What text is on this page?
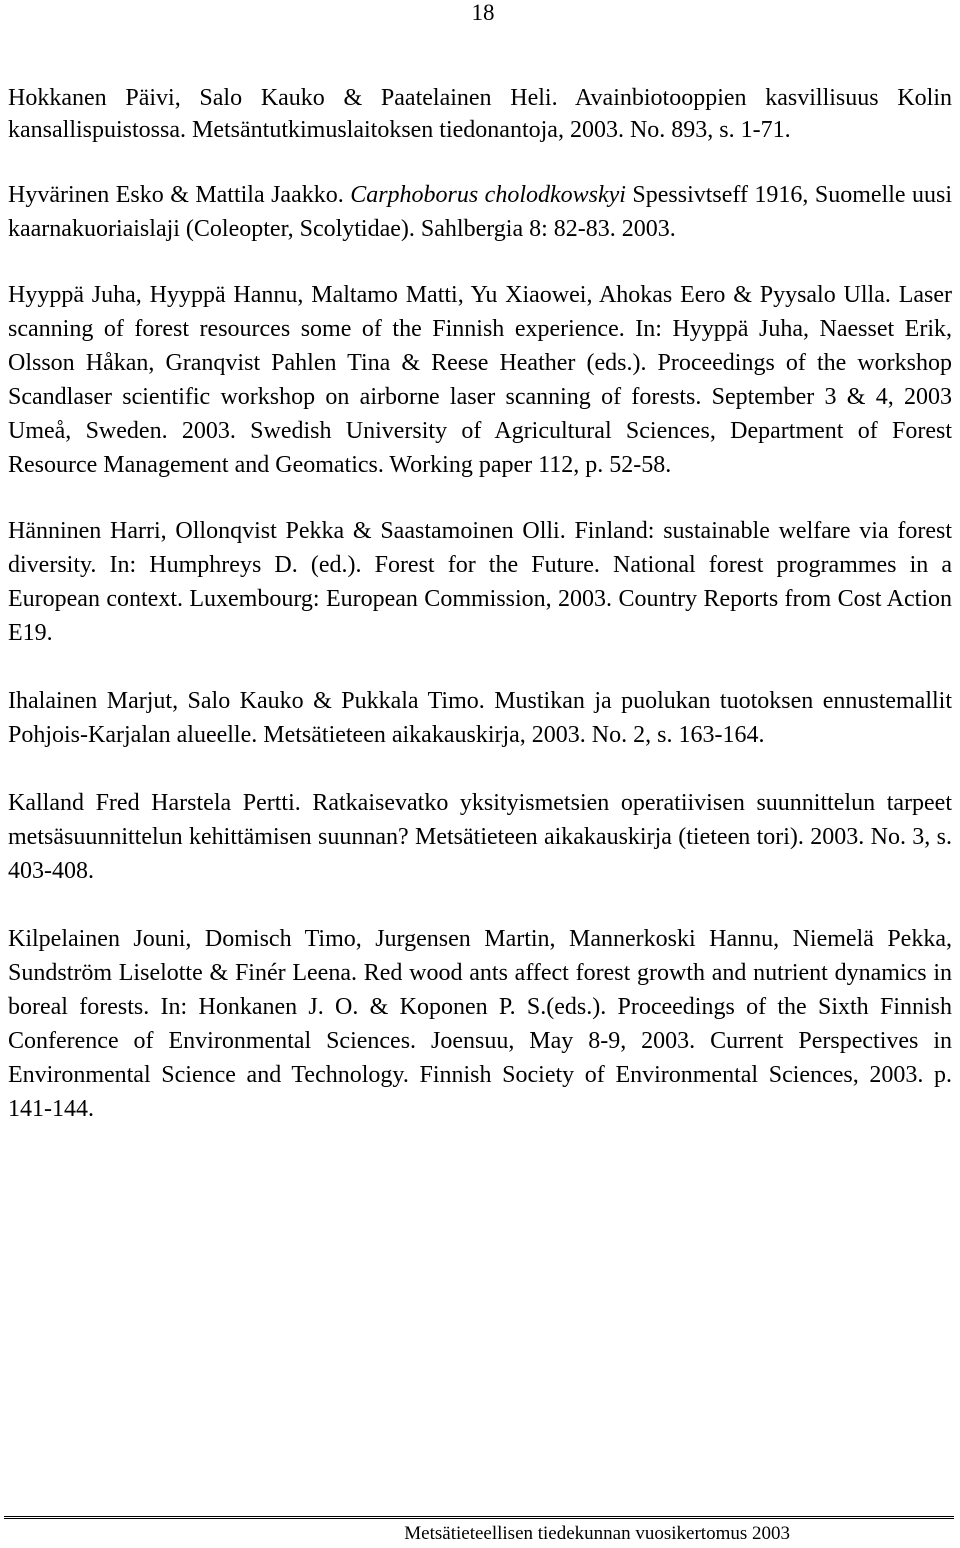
18
Hokkanen Päivi, Salo Kauko & Paatelainen Heli. Avainbiotooppien kasvillisuus Kolin kansallispuistossa. Metsäntutkimuslaitoksen tiedonantoja, 2003. No. 893, s. 1-71.
Hyvärinen Esko & Mattila Jaakko. Carphoborus cholodkowskyi Spessivtseff 1916, Suomelle uusi kaarnakuoriaislaji (Coleopter, Scolytidae). Sahlbergia 8: 82-83. 2003.
Hyyppä Juha, Hyyppä Hannu, Maltamo Matti, Yu Xiaowei, Ahokas Eero & Pyysalo Ulla. Laser scanning of forest resources some of the Finnish experience. In: Hyyppä Juha, Naesset Erik, Olsson Håkan, Granqvist Pahlen Tina & Reese Heather (eds.). Proceedings of the workshop Scandlaser scientific workshop on airborne laser scanning of forests. September 3 & 4, 2003 Umeå, Sweden. 2003. Swedish University of Agricultural Sciences, Department of Forest Resource Management and Geomatics. Working paper 112, p. 52-58.
Hänninen Harri, Ollonqvist Pekka & Saastamoinen Olli. Finland: sustainable welfare via forest diversity. In: Humphreys D. (ed.). Forest for the Future. National forest programmes in a European context. Luxembourg: European Commission, 2003. Country Reports from Cost Action E19.
Ihalainen Marjut, Salo Kauko & Pukkala Timo. Mustikan ja puolukan tuotoksen ennustemallit Pohjois-Karjalan alueelle. Metsätieteen aikakauskirja, 2003. No. 2, s. 163-164.
Kalland Fred Harstela Pertti. Ratkaisevatko yksityismetsien operatiivisen suunnittelun tarpeet metsäsuunnittelun kehittämisen suunnan? Metsätieteen aikakauskirja (tieteen tori). 2003. No. 3, s. 403-408.
Kilpelainen Jouni, Domisch Timo, Jurgensen Martin, Mannerkoski Hannu, Niemelä Pekka, Sundström Liselotte & Finér Leena. Red wood ants affect forest growth and nutrient dynamics in boreal forests. In: Honkanen J. O. & Koponen P. S.(eds.). Proceedings of the Sixth Finnish Conference of Environmental Sciences. Joensuu, May 8-9, 2003. Current Perspectives in Environmental Science and Technology. Finnish Society of Environmental Sciences, 2003. p. 141-144.
Metsätieteellisen tiedekunnan vuosikertomus 2003
